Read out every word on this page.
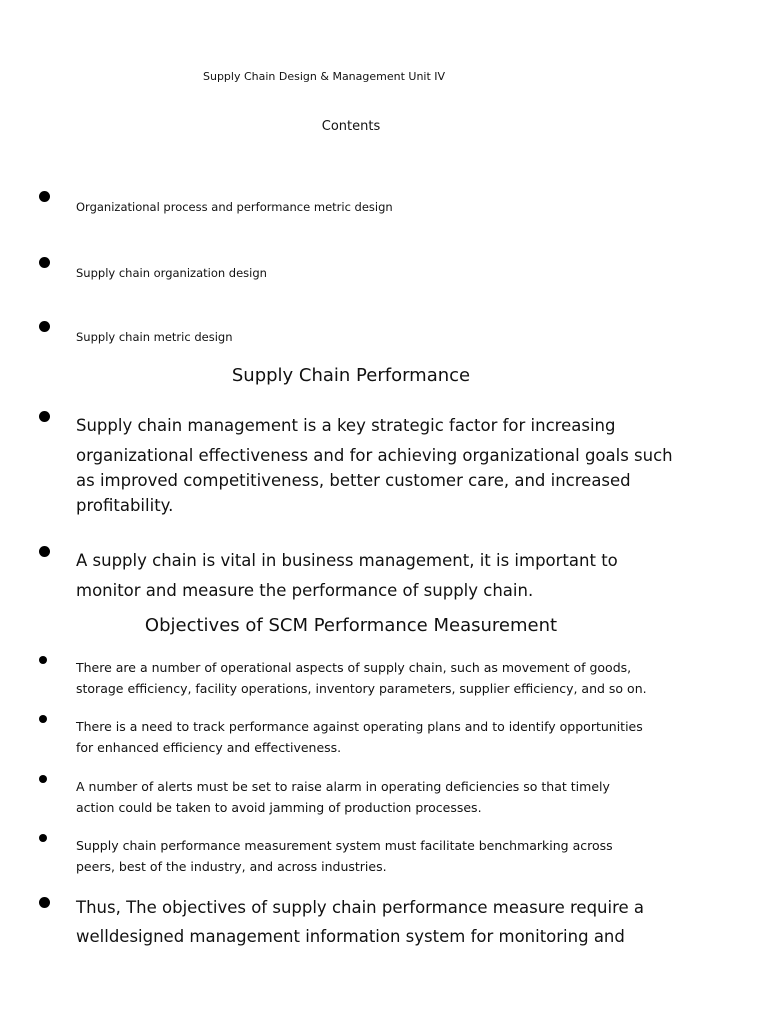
Supply Chain Design & Management Unit IV
Contents
Organizational process and performance metric design
Supply chain organization design
Supply chain metric design
Supply Chain Performance
Supply chain management is a key strategic factor for increasing
organizational effectiveness and for achieving organizational goals such
as improved competitiveness, better customer care, and increased
profitability.
A supply chain is vital in business management, it is important to
monitor and measure the performance of supply chain.
Objectives of SCM Performance Measurement
There are a number of operational aspects of supply chain, such as movement of goods,
storage efficiency, facility operations, inventory parameters, supplier efficiency, and so on.
There is a need to track performance against operating plans and to identify opportunities
for enhanced efficiency and effectiveness.
A number of alerts must be set to raise alarm in operating deficiencies so that timely
action could be taken to avoid jamming of production processes.
Supply chain performance measurement system must facilitate benchmarking across
peers, best of the industry, and across industries.
Thus, The objectives of supply chain performance measure require a
welldesigned management information system for monitoring and
